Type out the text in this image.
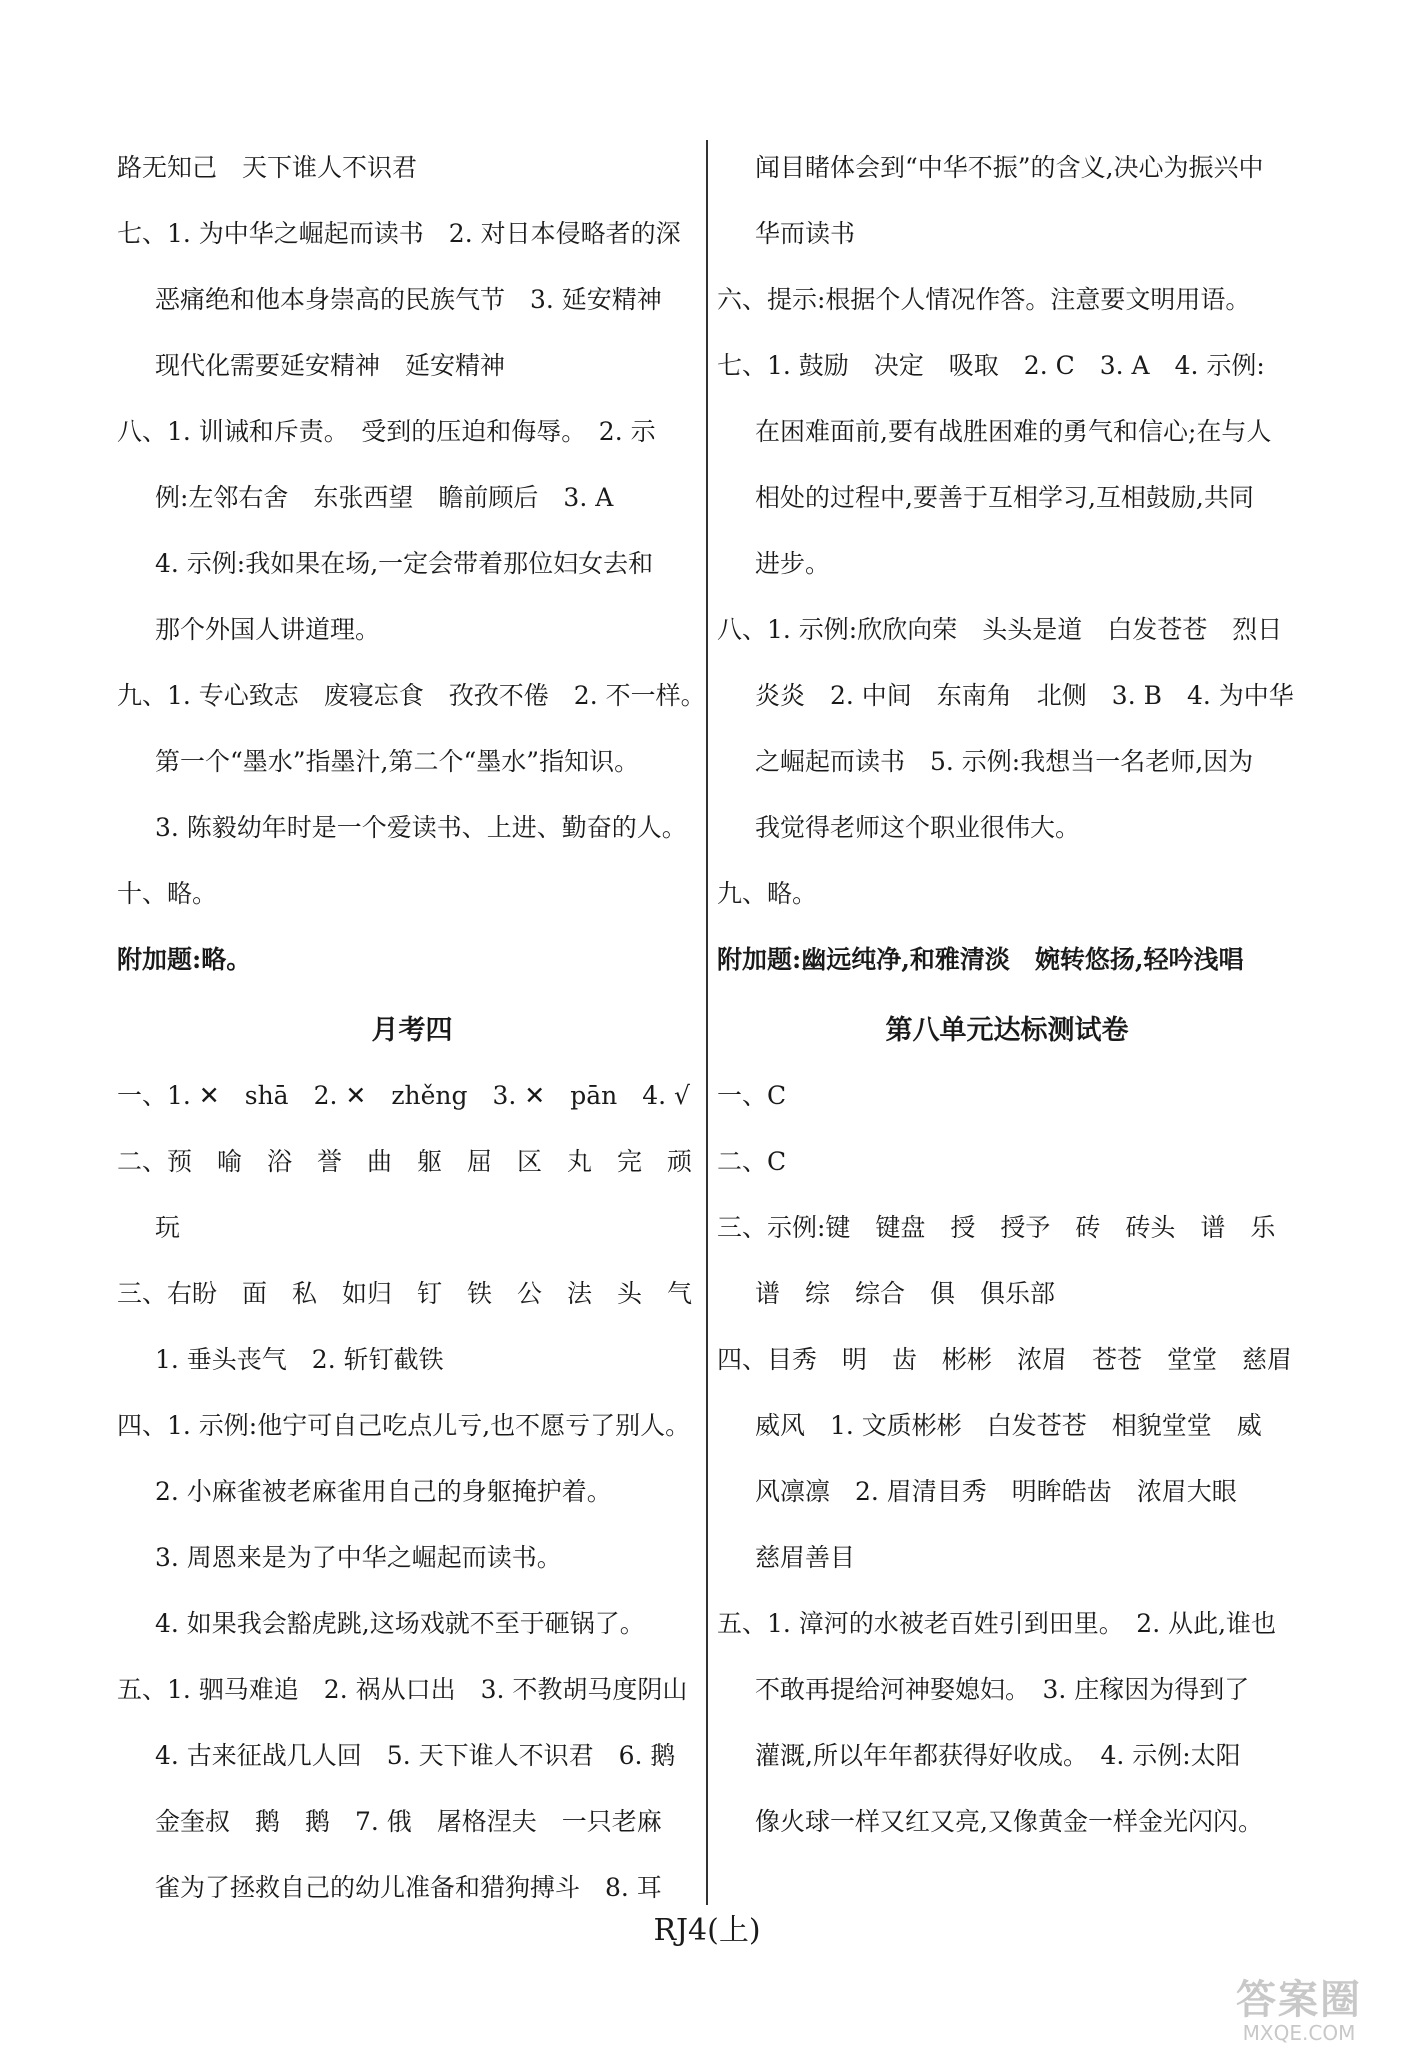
路无知己　天下谁人不识君
七、1. 为中华之崛起而读书　2. 对日本侵略者的深
恶痛绝和他本身崇高的民族气节　3. 延安精神
现代化需要延安精神　延安精神
八、1. 训诫和斥责。　受到的压迫和侮辱。　2. 示
例:左邻右舍　东张西望　瞻前顾后　3. A
4. 示例:我如果在场,一定会带着那位妇女去和
那个外国人讲道理。
九、1. 专心致志　废寝忘食　孜孜不倦　2. 不一样。
第一个“墨水”指墨汁,第二个“墨水”指知识。
3. 陈毅幼年时是一个爱读书、上进、勤奋的人。
十、略。
附加题:略。
月考四
一、1. ✕　shā　2. ✕　zhěng　3. ✕　pān　4. √
二、预　喻　浴　誉　曲　躯　屈　区　丸　完　顽
玩
三、右盼　面　私　如归　钉　铁　公　法　头　气
1. 垂头丧气　2. 斩钉截铁
四、1. 示例:他宁可自己吃点儿亏,也不愿亏了别人。
2. 小麻雀被老麻雀用自己的身躯掩护着。
3. 周恩来是为了中华之崛起而读书。
4. 如果我会豁虎跳,这场戏就不至于砸锅了。
五、1. 驷马难追　2. 祸从口出　3. 不教胡马度阴山
4. 古来征战几人回　5. 天下谁人不识君　6. 鹅
金奎叔　鹅　鹅　7. 俄　屠格涅夫　一只老麻
雀为了拯救自己的幼儿准备和猎狗搏斗　8. 耳
闻目睹体会到“中华不振”的含义,决心为振兴中
华而读书
六、提示:根据个人情况作答。注意要文明用语。
七、1. 鼓励　决定　吸取　2. C　3. A　4. 示例:
在困难面前,要有战胜困难的勇气和信心;在与人
相处的过程中,要善于互相学习,互相鼓励,共同
进步。
八、1. 示例:欣欣向荣　头头是道　白发苍苍　烈日
炎炎　2. 中间　东南角　北侧　3. B　4. 为中华
之崛起而读书　5. 示例:我想当一名老师,因为
我觉得老师这个职业很伟大。
九、略。
附加题:幽远纯净,和雅清淡　婉转悠扬,轻吟浅唱
第八单元达标测试卷
一、C
二、C
三、示例:键　键盘　授　授予　砖　砖头　谱　乐
谱　综　综合　俱　俱乐部
四、目秀　明　齿　彬彬　浓眉　苍苍　堂堂　慈眉
威风　1. 文质彬彬　白发苍苍　相貌堂堂　威
风凛凛　2. 眉清目秀　明眸皓齿　浓眉大眼
慈眉善目
五、1. 漳河的水被老百姓引到田里。　2. 从此,谁也
不敢再提给河神娶媳妇。　3. 庄稼因为得到了
灌溉,所以年年都获得好收成。　4. 示例:太阳
像火球一样又红又亮,又像黄金一样金光闪闪。
RJ4(上)
答案圈
MXQE.COM
